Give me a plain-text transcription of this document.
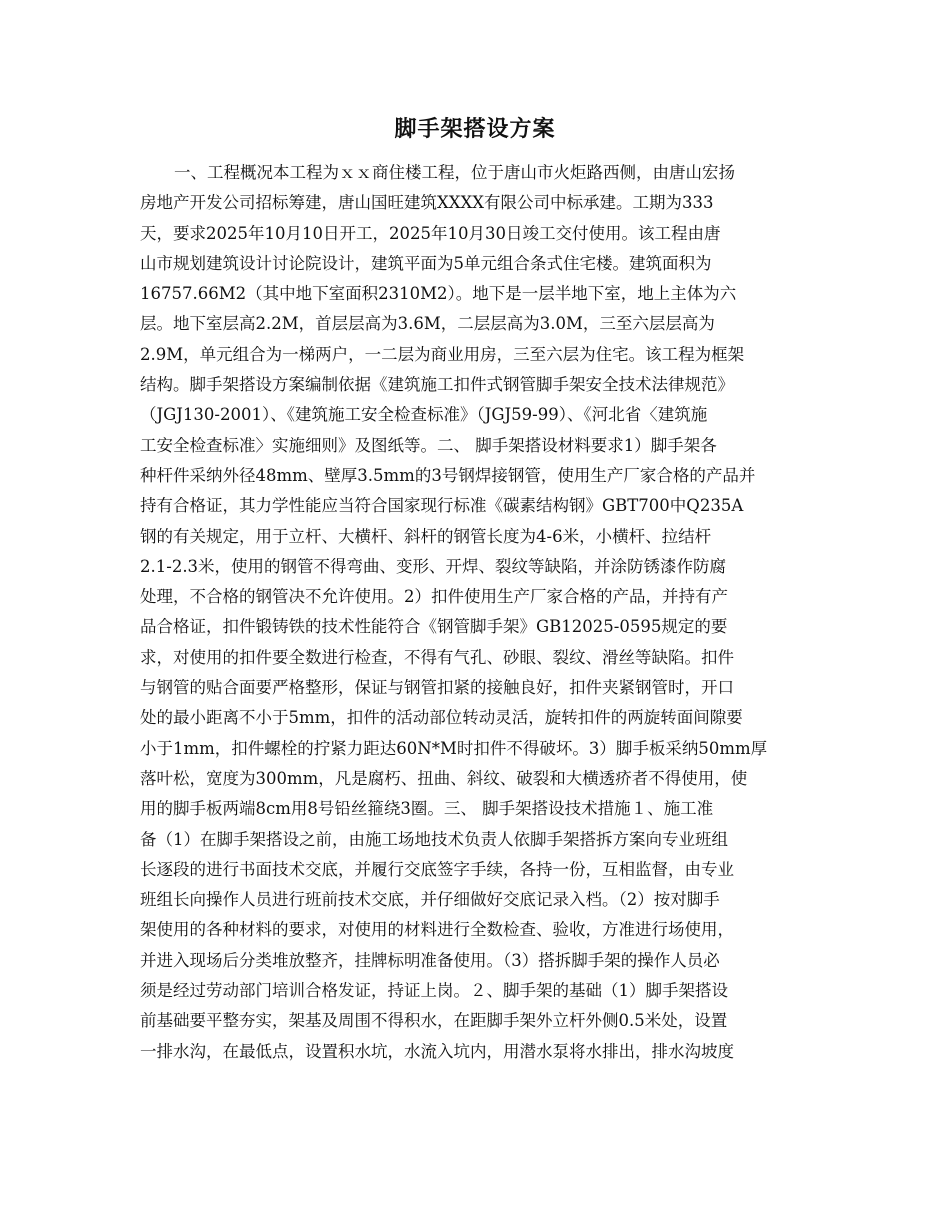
脚手架搭设方案
一、工程概况本工程为ｘｘ商住楼工程，位于唐山市火炬路西侧，由唐山宏扬
房地产开发公司招标筹建，唐山国旺建筑XXXX有限公司中标承建。工期为333
天，要求2025年10月10日开工，2025年10月30日竣工交付使用。该工程由唐
山市规划建筑设计讨论院设计，建筑平面为5单元组合条式住宅楼。建筑面积为
16757.66M2（其中地下室面积2310M2）。地下是一层半地下室，地上主体为六
层。地下室层高2.2M，首层层高为3.6M，二层层高为3.0M，三至六层层高为
2.9M，单元组合为一梯两户，一二层为商业用房，三至六层为住宅。该工程为框架
结构。脚手架搭设方案编制依据《建筑施工扣件式钢管脚手架安全技术法律规范》
（JGJ130-2001）、《建筑施工安全检查标准》（JGJ59-99）、《河北省〈建筑施
工安全检查标准〉实施细则》及图纸等。二、 脚手架搭设材料要求1）脚手架各
种杆件采纳外径48mm、壁厚3.5mm的3号钢焊接钢管，使用生产厂家合格的产品并
持有合格证，其力学性能应当符合国家现行标准《碳素结构钢》GBT700中Q235A
钢的有关规定，用于立杆、大横杆、斜杆的钢管长度为4-6米，小横杆、拉结杆
2.1-2.3米，使用的钢管不得弯曲、变形、开焊、裂纹等缺陷，并涂防锈漆作防腐
处理，不合格的钢管决不允许使用。2）扣件使用生产厂家合格的产品，并持有产
品合格证，扣件锻铸铁的技术性能符合《钢管脚手架》GB12025-0595规定的要
求，对使用的扣件要全数进行检查，不得有气孔、砂眼、裂纹、滑丝等缺陷。扣件
与钢管的贴合面要严格整形，保证与钢管扣紧的接触良好，扣件夹紧钢管时，开口
处的最小距离不小于5mm，扣件的活动部位转动灵活，旋转扣件的两旋转面间隙要
小于1mm，扣件螺栓的拧紧力距达60N*M时扣件不得破坏。3）脚手板采纳50mm厚
落叶松，宽度为300mm，凡是腐朽、扭曲、斜纹、破裂和大横透疥者不得使用，使
用的脚手板两端8cm用8号铅丝箍绕3圈。三、 脚手架搭设技术措施１、施工准
备（1）在脚手架搭设之前，由施工场地技术负责人依脚手架搭拆方案向专业班组
长逐段的进行书面技术交底，并履行交底签字手续，各持一份，互相监督，由专业
班组长向操作人员进行班前技术交底，并仔细做好交底记录入档。（2）按对脚手
架使用的各种材料的要求，对使用的材料进行全数检查、验收，方准进行场使用，
并进入现场后分类堆放整齐，挂牌标明准备使用。（3）搭拆脚手架的操作人员必
须是经过劳动部门培训合格发证，持证上岗。２、脚手架的基础（1）脚手架搭设
前基础要平整夯实，架基及周围不得积水，在距脚手架外立杆外侧0.5米处，设置
一排水沟，在最低点，设置积水坑，水流入坑内，用潜水泵将水排出，排水沟坡度
